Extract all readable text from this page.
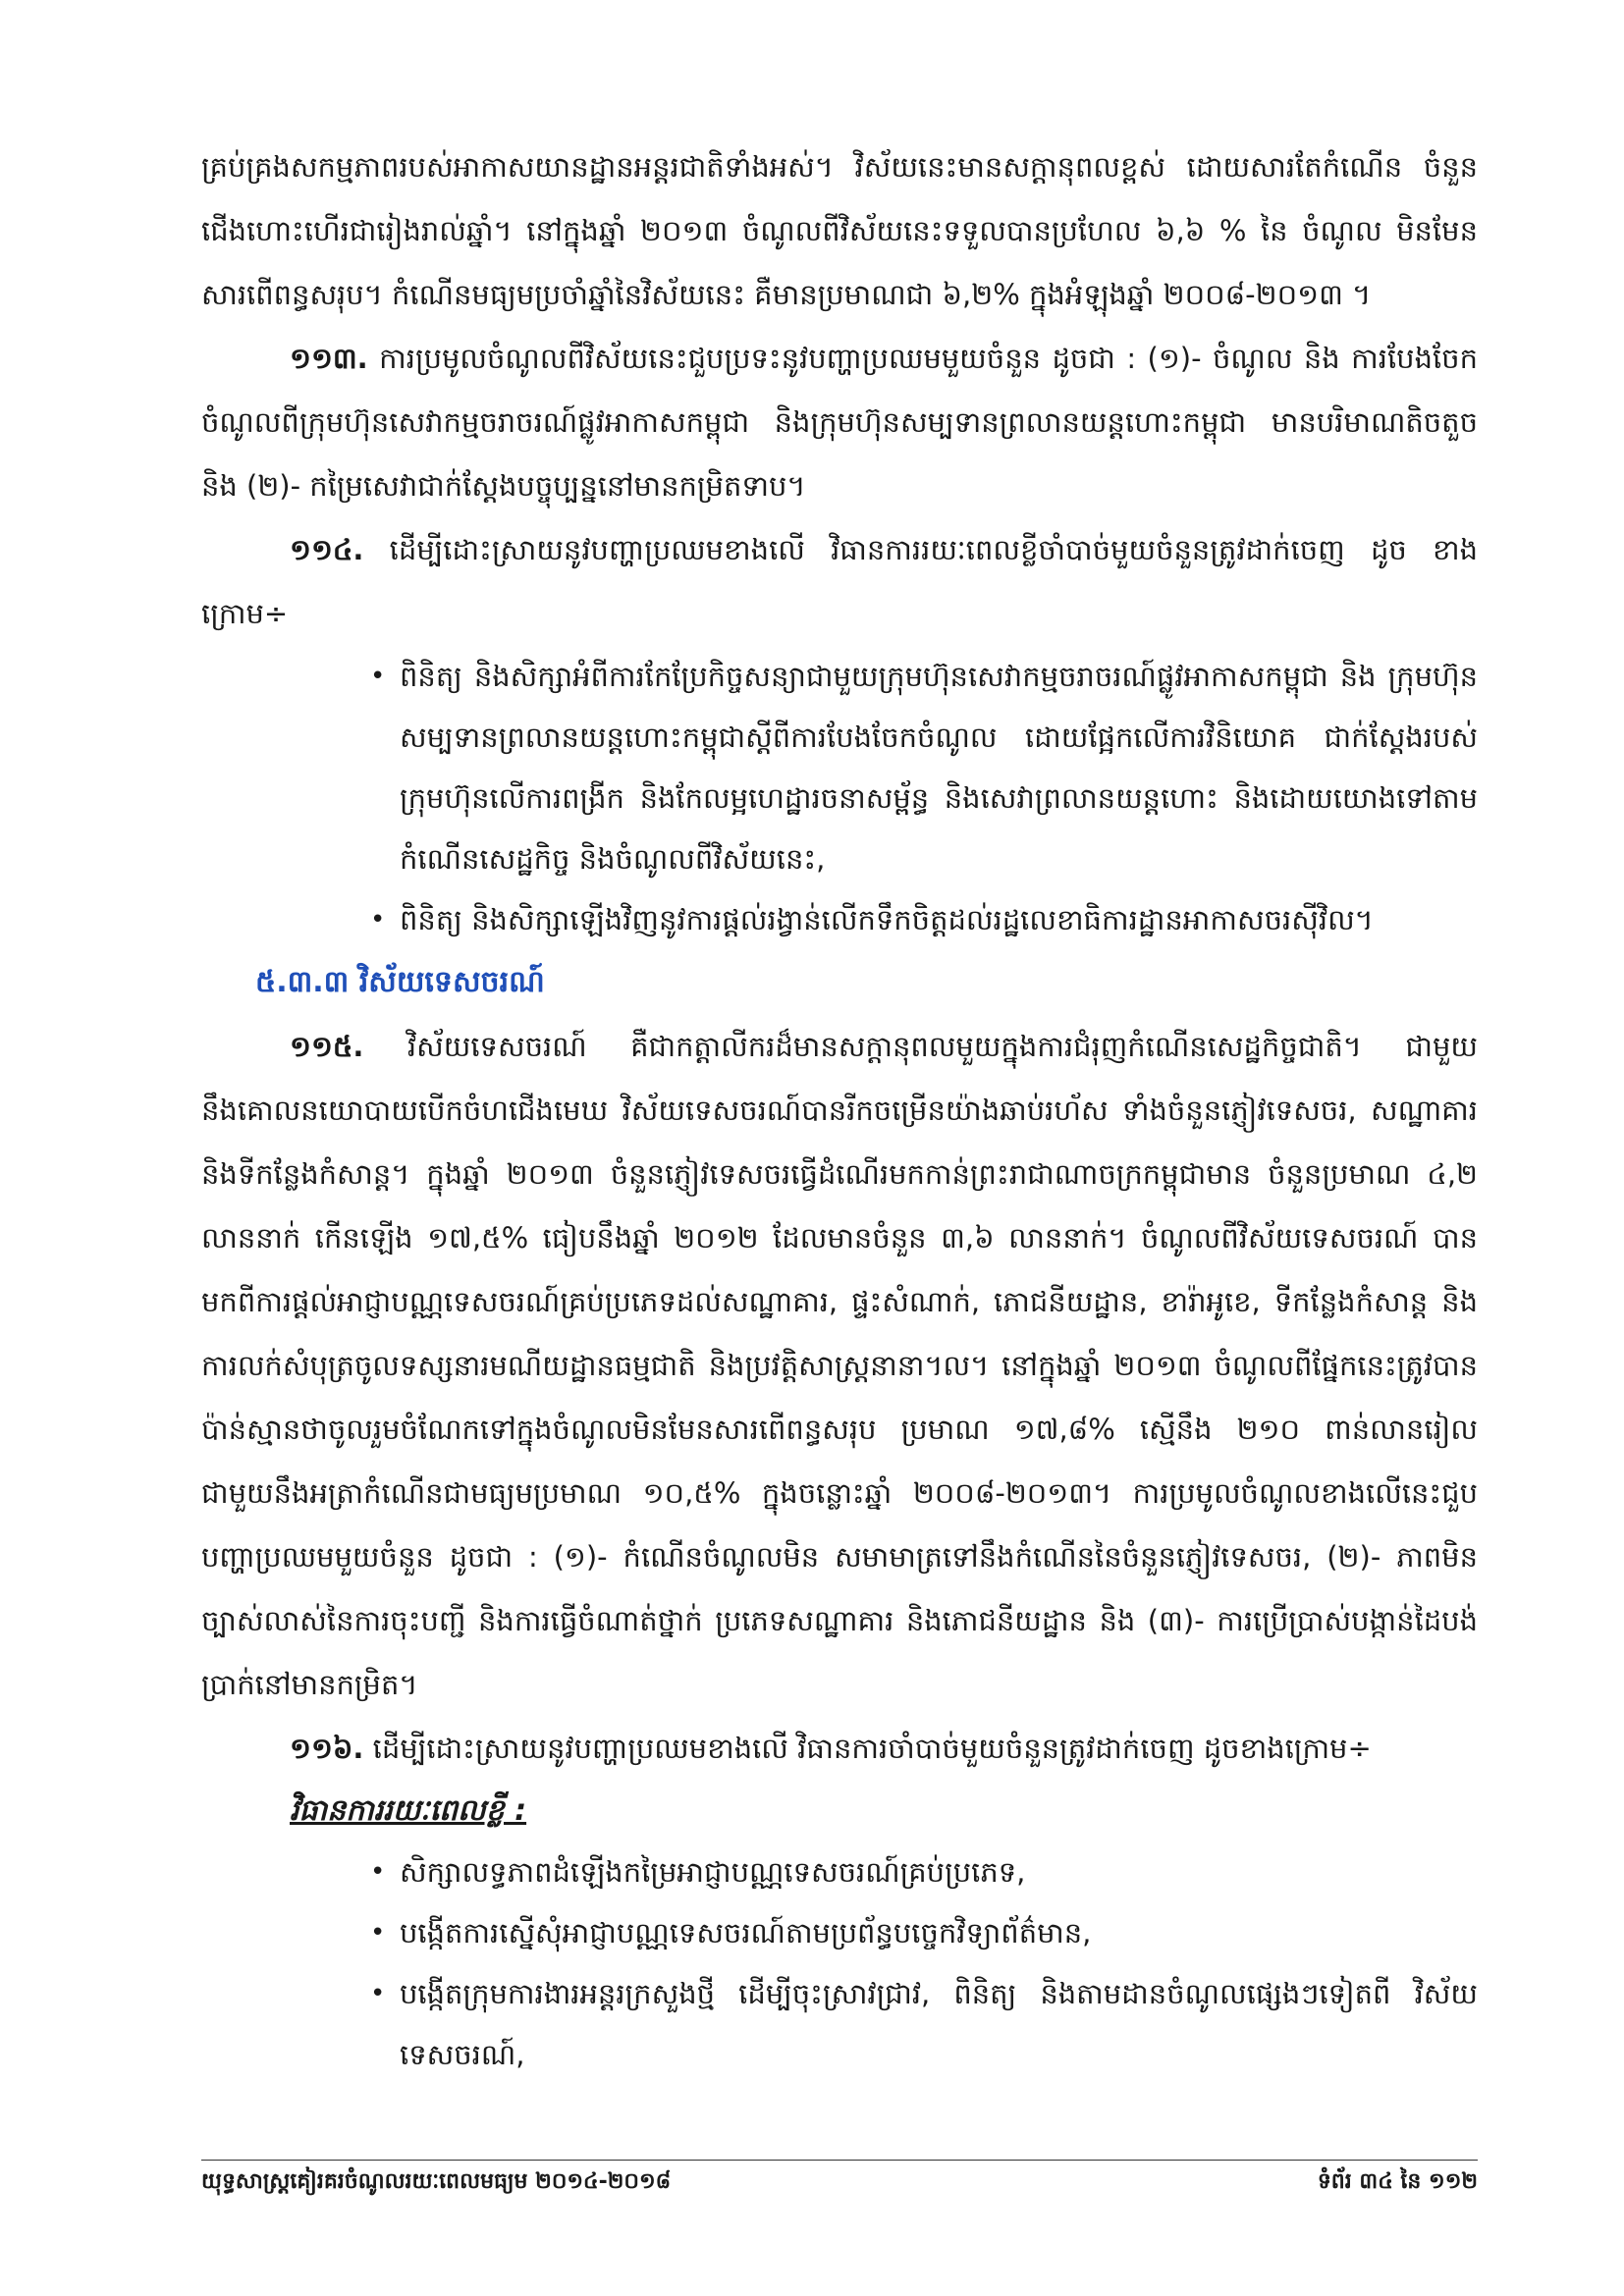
គ្រប់គ្រងសកម្មភាពរបស់អាកាសយានដ្ឋានអន្តរជាតិទាំងអស់។ វិស័យនេះមានសក្តានុពលខ្ពស់ ដោយសារតែកំណើន ចំនួនជើងហោះហើរជារៀងរាល់ឆ្នាំ។ នៅក្នុងឆ្នាំ ២០១៣ ចំណូលពីវិស័យនេះទទួលបានប្រហែល ៦,៦ % នៃ ចំណូល មិនមែនសារពើពន្ធសរុប។ កំណើនមធ្យមប្រចាំឆ្នាំនៃវិស័យនេះ គឺមានប្រមាណជា ៦,២% ក្នុងអំឡុងឆ្នាំ ២០០៨-២០១៣ ។

១១៣. ការប្រមូលចំណូលពីវិស័យនេះជួបប្រទះនូវបញ្ហាប្រឈមមួយចំនួន ដូចជា : (១)- ចំណូល និង ការបែងចែកចំណូលពីក្រុមហ៊ុនសេវាកម្មចរាចរណ៍ផ្លូវអាកាសកម្ពុជា និងក្រុមហ៊ុនសម្បទានព្រលានយន្តហោះកម្ពុជា មានបរិមាណតិចតួច និង (២)- កម្រៃសេវាជាក់ស្តែងបច្ចុប្បន្ននៅមានកម្រិតទាប។

១១៤. ដើម្បីដោះស្រាយនូវបញ្ហាប្រឈមខាងលើ វិធានការរយៈពេលខ្លីចាំបាច់មួយចំនួនត្រូវដាក់ចេញ ដូច ខាងក្រោម÷

• ពិនិត្យ និងសិក្សាអំពីការកែប្រែកិច្ចសន្យាជាមួយក្រុមហ៊ុនសេវាកម្មចរាចរណ៍ផ្លូវអាកាសកម្ពុជា និង ក្រុមហ៊ុនសម្បទានព្រលានយន្តហោះកម្ពុជាស្តីពីការបែងចែកចំណូល ដោយផ្អែកលើការវិនិយោគ ជាក់ស្តែងរបស់ក្រុមហ៊ុនលើការពង្រីក និងកែលម្អហេដ្ឋារចនាសម្ព័ន្ធ និងសេវាព្រលានយន្តហោះ និងដោយយោងទៅតាមកំណើនសេដ្ឋកិច្ច និងចំណូលពីវិស័យនេះ,
• ពិនិត្យ និងសិក្សាឡើងវិញនូវការផ្តល់រង្វាន់លើកទឹកចិត្តដល់រដ្ឋលេខាធិការដ្ឋានអាកាសចរស៊ីវិល។

៥.៣.៣ វិស័យទេសចរណ៍

១១៥. វិស័យទេសចរណ៍ គឺជាកត្តាលីករដ៏មានសក្តានុពលមួយក្នុងការជំរុញកំណើនសេដ្ឋកិច្ចជាតិ។ ជាមួយ នឹងគោលនយោបាយបើកចំហជើងមេឃ វិស័យទេសចរណ៍បានរីកចម្រើនយ៉ាងឆាប់រហ័ស ទាំងចំនួនភ្ញៀវទេសចរ, សណ្ឋាគារ និងទីកន្លែងកំសាន្ត។ ក្នុងឆ្នាំ ២០១៣ ចំនួនភ្ញៀវទេសចរធ្វើដំណើរមកកាន់ព្រះរាជាណាចក្រកម្ពុជាមាន ចំនួនប្រមាណ ៤,២ លាននាក់ កើនឡើង ១៧,៥% ធៀបនឹងឆ្នាំ ២០១២ ដែលមានចំនួន ៣,៦ លាននាក់។ ចំណូលពីវិស័យទេសចរណ៍ បានមកពីការផ្តល់អាជ្ញាបណ្ណទេសចរណ៍គ្រប់ប្រភេទដល់សណ្ឋាគារ, ផ្ទះសំណាក់, ភោជនីយដ្ឋាន, ខារ៉ាអូខេ, ទីកន្លែងកំសាន្ត និងការលក់សំបុត្រចូលទស្សនារមណីយដ្ឋានធម្មជាតិ និងប្រវត្តិសាស្ត្រនានា។ល។ នៅក្នុងឆ្នាំ ២០១៣ ចំណូលពីផ្នែកនេះត្រូវបានប៉ាន់ស្មានថាចូលរួមចំណែកទៅក្នុងចំណូលមិនមែនសារពើពន្ធសរុប ប្រមាណ ១៧,៨% ស្មើនឹង ២១០ ពាន់លានរៀល ជាមួយនឹងអត្រាកំណើនជាមធ្យមប្រមាណ ១០,៥% ក្នុងចន្លោះឆ្នាំ ២០០៨-២០១៣។ ការប្រមូលចំណូលខាងលើនេះជួបបញ្ហាប្រឈមមួយចំនួន ដូចជា : (១)- កំណើនចំណូលមិន សមាមាត្រទៅនឹងកំណើននៃចំនួនភ្ញៀវទេសចរ, (២)- ភាពមិនច្បាស់លាស់នៃការចុះបញ្ជី និងការធ្វើចំណាត់ថ្នាក់ ប្រភេទសណ្ឋាគារ និងភោជនីយដ្ឋាន និង (៣)- ការប្រើប្រាស់បង្កាន់ដៃបង់ប្រាក់នៅមានកម្រិត។

១១៦. ដើម្បីដោះស្រាយនូវបញ្ហាប្រឈមខាងលើ វិធានការចាំបាច់មួយចំនួនត្រូវដាក់ចេញ ដូចខាងក្រោម÷

វិធានការរយៈពេលខ្លី :

• សិក្សាលទ្ធភាពដំឡើងកម្រៃអាជ្ញាបណ្ណទេសចរណ៍គ្រប់ប្រភេទ,
• បង្កើតការស្នើសុំអាជ្ញាបណ្ណទេសចរណ៍តាមប្រព័ន្ធបច្ចេកវិទ្យាព័ត៌មាន,
• បង្កើតក្រុមការងារអន្តរក្រសួងថ្មី ដើម្បីចុះស្រាវជ្រាវ, ពិនិត្យ និងតាមដានចំណូលផ្សេងៗទៀតពី វិស័យទេសចរណ៍,
យុទ្ធសាស្ត្រគៀរគរចំណូលរយៈពេលមធ្យម ២០១៤-២០១៨	ទំព័រ ៣៤ នៃ ១១២
